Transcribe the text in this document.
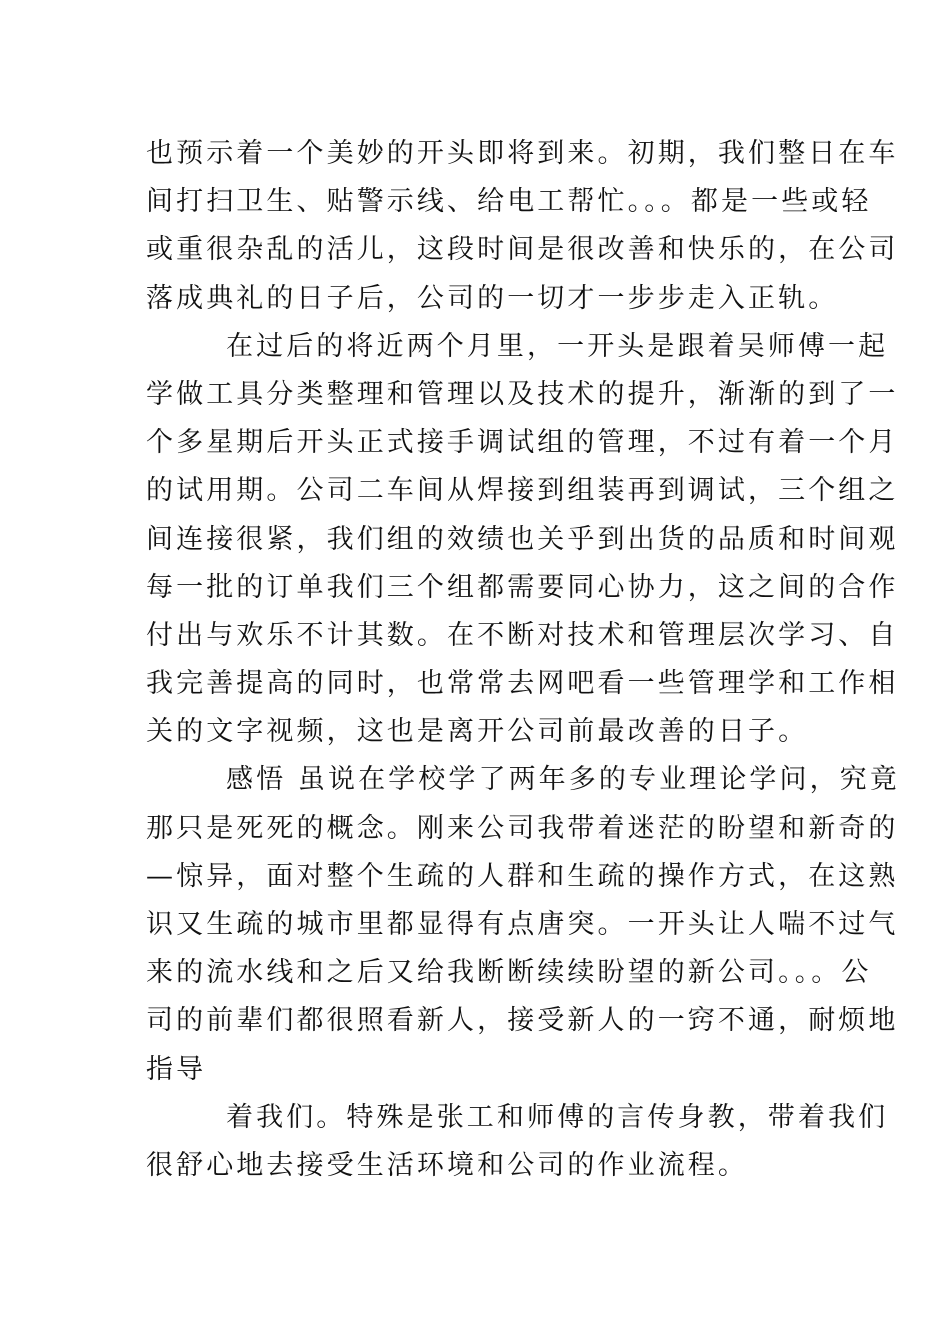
也预示着一个美妙的开头即将到来。初期，我们整日在车
间打扫卫生、贴警示线、给电工帮忙。。。都是一些或轻
或重很杂乱的活儿，这段时间是很改善和快乐的，在公司
落成典礼的日子后，公司的一切才一步步走入正轨。
在过后的将近两个月里，一开头是跟着吴师傅一起
学做工具分类整理和管理以及技术的提升，渐渐的到了一
个多星期后开头正式接手调试组的管理，不过有着一个月
的试用期。公司二车间从焊接到组装再到调试，三个组之
间连接很紧，我们组的效绩也关乎到出货的品质和时间观
每一批的订单我们三个组都需要同心协力，这之间的合作
付出与欢乐不计其数。在不断对技术和管理层次学习、自
我完善提高的同时，也常常去网吧看一些管理学和工作相
关的文字视频，这也是离开公司前最改善的日子。
感悟 虽说在学校学了两年多的专业理论学问，究竟
那只是死死的概念。刚来公司我带着迷茫的盼望和新奇的
—惊异，面对整个生疏的人群和生疏的操作方式，在这熟
识又生疏的城市里都显得有点唐突。一开头让人喘不过气
来的流水线和之后又给我断断续续盼望的新公司。。。公
司的前辈们都很照看新人，接受新人的一窍不通，耐烦地
指导
着我们。特殊是张工和师傅的言传身教，带着我们
很舒心地去接受生活环境和公司的作业流程。
